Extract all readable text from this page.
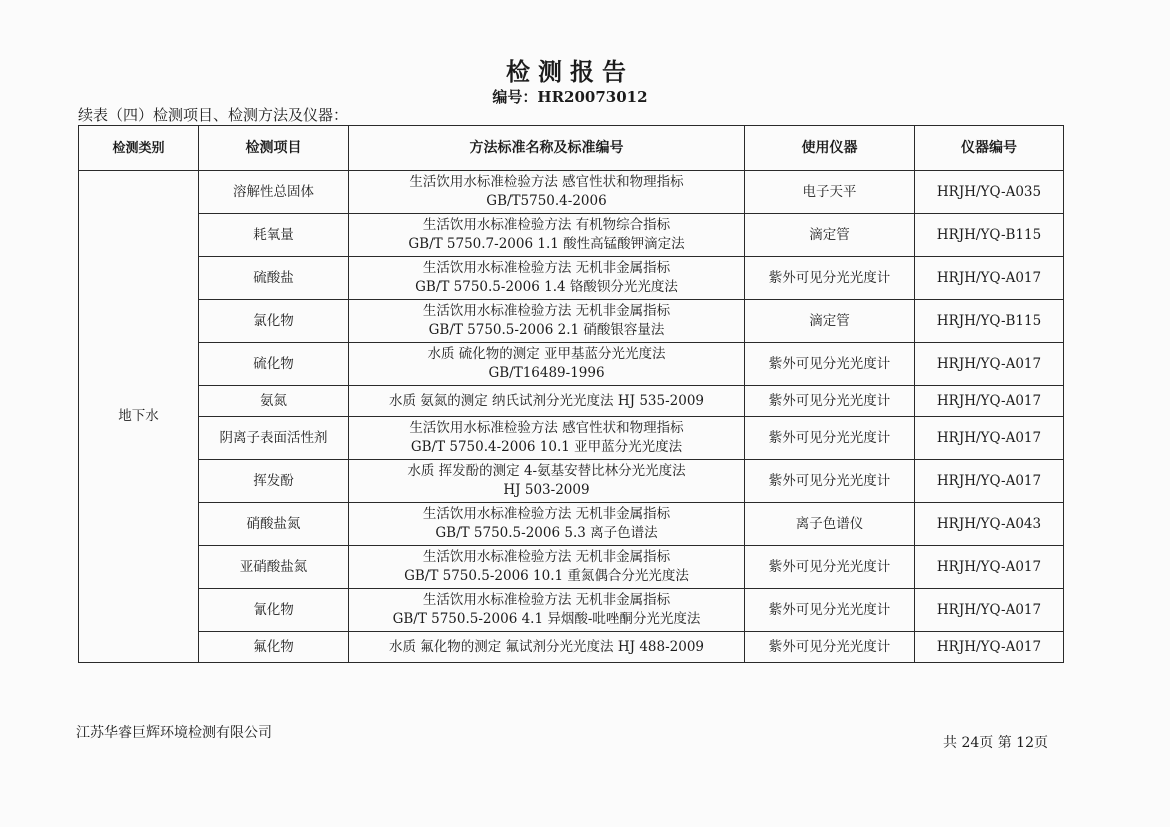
检测报告
编号：HR20073012
续表（四）检测项目、检测方法及仪器：
检测类别	检测项目	方法标准名称及标准编号	使用仪器	仪器编号
地下水	溶解性总固体	生活饮用水标准检验方法 感官性状和物理指标
GB/T5750.4-2006	电子天平	HRJH/YQ-A035
	耗氧量	生活饮用水标准检验方法 有机物综合指标
GB/T 5750.7-2006 1.1 酸性高锰酸钾滴定法	滴定管	HRJH/YQ-B115
	硫酸盐	生活饮用水标准检验方法 无机非金属指标
GB/T 5750.5-2006 1.4 铬酸钡分光光度法	紫外可见分光光度计	HRJH/YQ-A017
	氯化物	生活饮用水标准检验方法 无机非金属指标
GB/T 5750.5-2006 2.1 硝酸银容量法	滴定管	HRJH/YQ-B115
	硫化物	水质 硫化物的测定 亚甲基蓝分光光度法
GB/T16489-1996	紫外可见分光光度计	HRJH/YQ-A017
	氨氮	水质 氨氮的测定 纳氏试剂分光光度法 HJ 535-2009	紫外可见分光光度计	HRJH/YQ-A017
	阴离子表面活性剂	生活饮用水标准检验方法 感官性状和物理指标
GB/T 5750.4-2006 10.1 亚甲蓝分光光度法	紫外可见分光光度计	HRJH/YQ-A017
	挥发酚	水质 挥发酚的测定 4-氨基安替比林分光光度法
HJ 503-2009	紫外可见分光光度计	HRJH/YQ-A017
	硝酸盐氮	生活饮用水标准检验方法 无机非金属指标
GB/T 5750.5-2006 5.3 离子色谱法	离子色谱仪	HRJH/YQ-A043
	亚硝酸盐氮	生活饮用水标准检验方法 无机非金属指标
GB/T 5750.5-2006 10.1 重氮偶合分光光度法	紫外可见分光光度计	HRJH/YQ-A017
	氰化物	生活饮用水标准检验方法 无机非金属指标
GB/T 5750.5-2006 4.1 异烟酸-吡唑酮分光光度法	紫外可见分光光度计	HRJH/YQ-A017
	氟化物	水质 氟化物的测定 氟试剂分光光度法 HJ 488-2009	紫外可见分光光度计	HRJH/YQ-A017
江苏华睿巨辉环境检测有限公司
共 24页 第 12页
